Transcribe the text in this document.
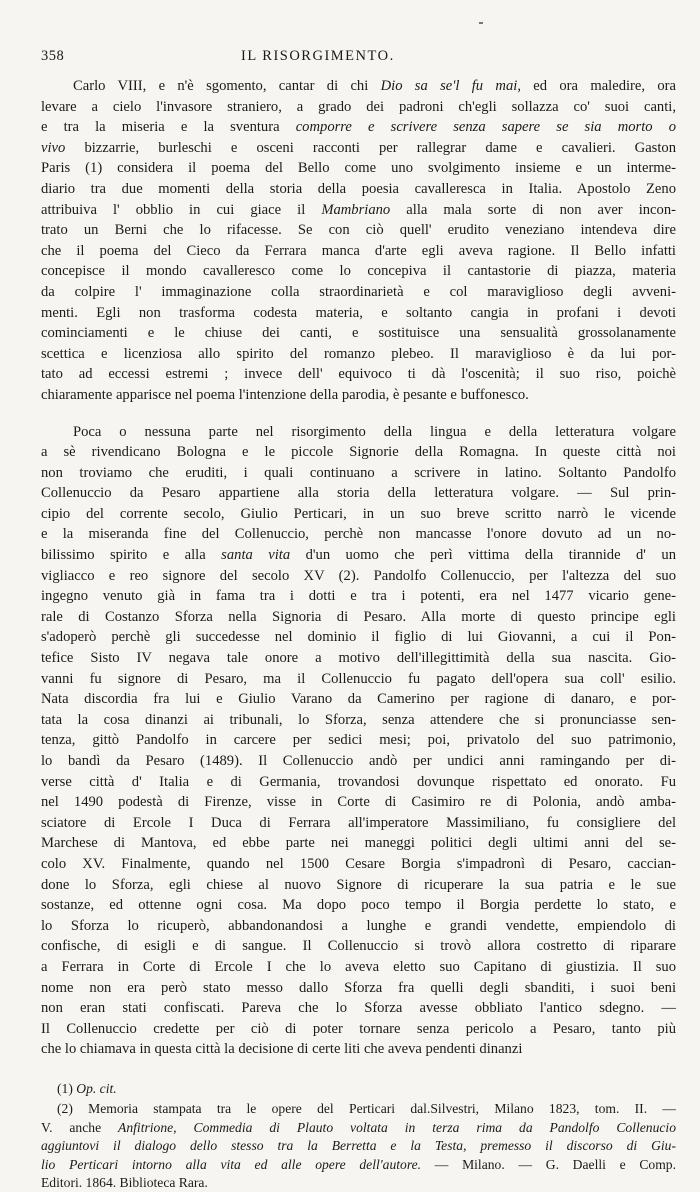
358	IL RISORGIMENTO.

Carlo VIII, e n'è sgomento, cantar di chi Dio sa se'l fu mai, ed ora maledire, ora
levare a cielo l'invasore straniero, a grado dei padroni ch'egli sollazza co' suoi canti,
e tra la miseria e la sventura comporre e scrivere senza sapere se sia morto o
vivo bizzarrie, burleschi e osceni racconti per rallegrar dame e cavalieri. Gaston
Paris (1) considera il poema del Bello come uno svolgimento insieme e un interme-
diario tra due momenti della storia della poesia cavalleresca in Italia. Apostolo Zeno
attribuiva l' obblio in cui giace il Mambriano alla mala sorte di non aver incon-
trato un Berni che lo rifacesse. Se con ciò quell' erudito veneziano intendeva dire
che il poema del Cieco da Ferrara manca d'arte egli aveva ragione. Il Bello infatti
concepisce il mondo cavalleresco come lo concepiva il cantastorie di piazza, materia
da colpire l' immaginazione colla straordinarietà e col maraviglioso degli avveni-
menti. Egli non trasforma codesta materia, e soltanto cangia in profani i devoti
cominciamenti e le chiuse dei canti, e sostituisce una sensualità grossolanamente
scettica e licenziosa allo spirito del romanzo plebeo. Il maraviglioso è da lui por-
tato ad eccessi estremi ; invece dell' equivoco ti dà l'oscenità; il suo riso, poichè
chiaramente apparisce nel poema l'intenzione della parodia, è pesante e buffonesco.

Poca o nessuna parte nel risorgimento della lingua e della letteratura volgare
a sè rivendicano Bologna e le piccole Signorie della Romagna. In queste città noi
non troviamo che eruditi, i quali continuano a scrivere in latino. Soltanto Pandolfo
Collenuccio da Pesaro appartiene alla storia della letteratura volgare. — Sul prin-
cipio del corrente secolo, Giulio Perticari, in un suo breve scritto narrò le vicende
e la miseranda fine del Collenuccio, perchè non mancasse l'onore dovuto ad un no-
bilissimo spirito e alla santa vita d'un uomo che perì vittima della tirannide d' un
vigliacco e reo signore del secolo XV (2). Pandolfo Collenuccio, per l'altezza del suo
ingegno venuto già in fama tra i dotti e tra i potenti, era nel 1477 vicario gene-
rale di Costanzo Sforza nella Signoria di Pesaro. Alla morte di questo principe egli
s'adoperò perchè gli succedesse nel dominio il figlio di lui Giovanni, a cui il Pon-
tefice Sisto IV negava tale onore a motivo dell'illegittimità della sua nascita. Gio-
vanni fu signore di Pesaro, ma il Collenuccio fu pagato dell'opera sua coll' esilio.
Nata discordia fra lui e Giulio Varano da Camerino per ragione di danaro, e por-
tata la cosa dinanzi ai tribunali, lo Sforza, senza attendere che si pronunciasse sen-
tenza, gittò Pandolfo in carcere per sedici mesi; poi, privatolo del suo patrimonio,
lo bandì da Pesaro (1489). Il Collenuccio andò per undici anni ramingando per di-
verse città d' Italia e di Germania, trovandosi dovunque rispettato ed onorato. Fu
nel 1490 podestà di Firenze, visse in Corte di Casimiro re di Polonia, andò amba-
sciatore di Ercole I Duca di Ferrara all'imperatore Massimiliano, fu consigliere del
Marchese di Mantova, ed ebbe parte nei maneggi politici degli ultimi anni del se-
colo XV. Finalmente, quando nel 1500 Cesare Borgia s'impadronì di Pesaro, caccian-
done lo Sforza, egli chiese al nuovo Signore di ricuperare la sua patria e le sue
sostanze, ed ottenne ogni cosa. Ma dopo poco tempo il Borgia perdette lo stato, e
lo Sforza lo ricuperò, abbandonandosi a lunghe e grandi vendette, empiendolo di
confische, di esigli e di sangue. Il Collenuccio si trovò allora costretto di riparare
a Ferrara in Corte di Ercole I che lo aveva eletto suo Capitano di giustizia. Il suo
nome non era però stato messo dallo Sforza fra quelli degli sbanditi, i suoi beni
non eran stati confiscati. Pareva che lo Sforza avesse obbliato l'antico sdegno. —
Il Collenuccio credette per ciò di poter tornare senza pericolo a Pesaro, tanto più
che lo chiamava in questa città la decisione di certe liti che aveva pendenti dinanzi

(1) Op. cit.
(2) Memoria stampata tra le opere del Perticari dal.Silvestri, Milano 1823, tom. II. —
V. anche Anfitrione, Commedia di Plauto voltata in terza rima da Pandolfo Collenucio
aggiuntovi il dialogo dello stesso tra la Berretta e la Testa, premesso il discorso di Giu-
lio Perticari intorno alla vita ed alle opere dell'autore. — Milano. — G. Daelli e Comp.
Editori. 1864. Biblioteca Rara.
